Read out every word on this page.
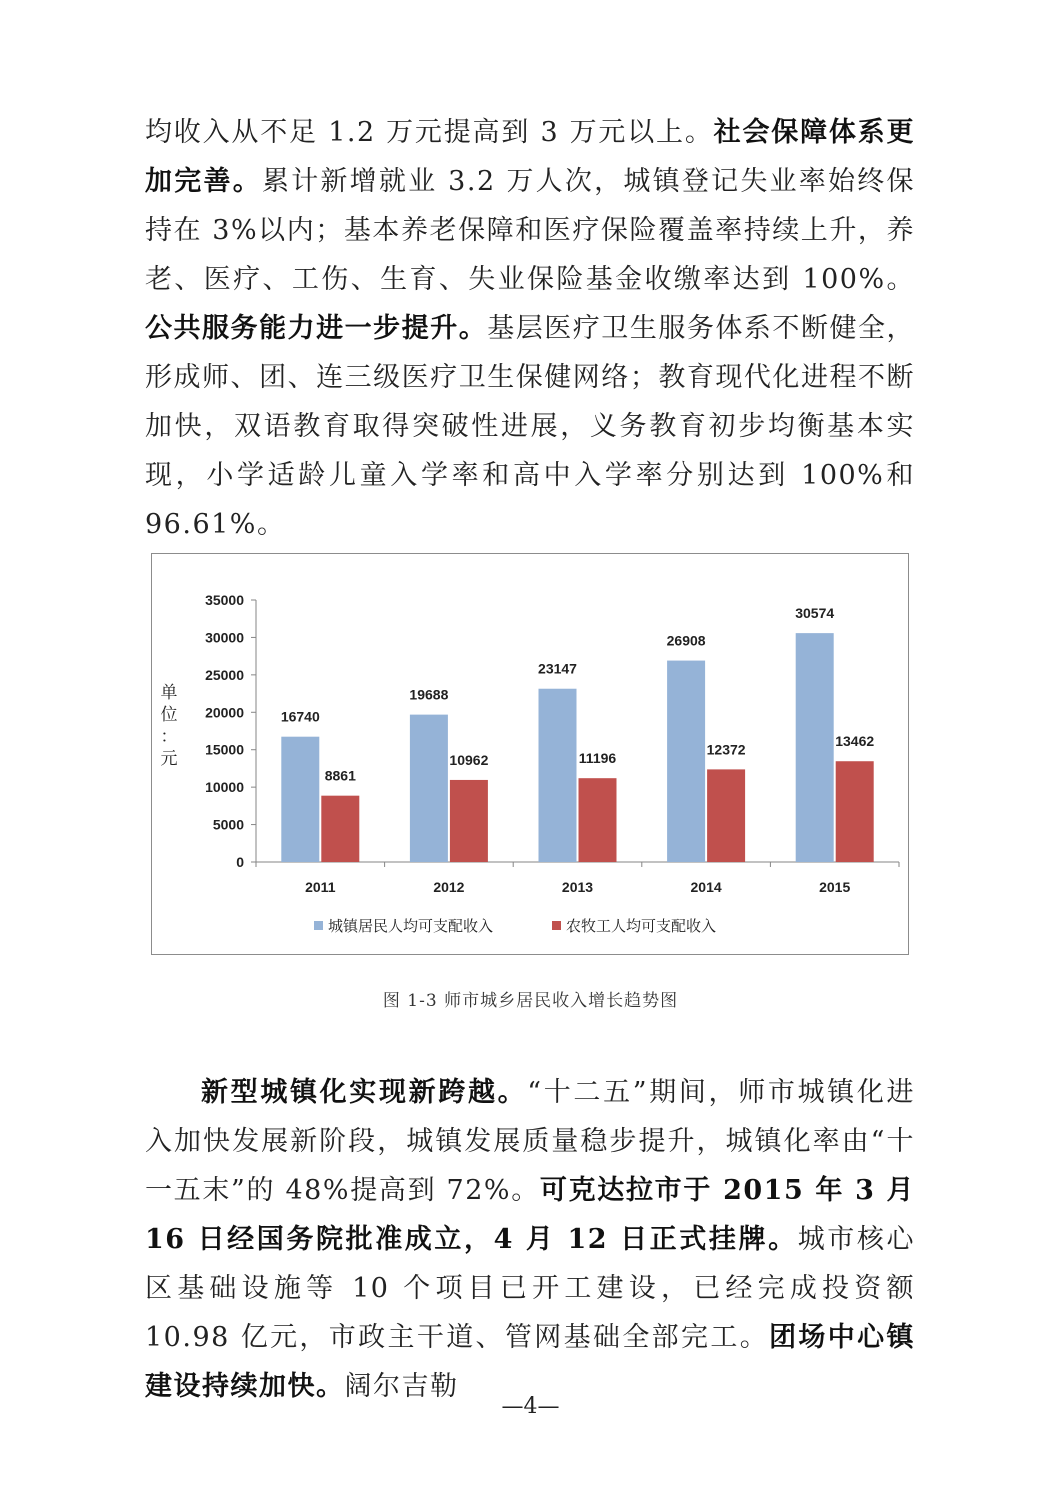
均收入从不足 1.2 万元提高到 3 万元以上。社会保障体系更加完善。累计新增就业 3.2 万人次，城镇登记失业率始终保持在 3%以内；基本养老保障和医疗保险覆盖率持续上升，养老、医疗、工伤、生育、失业保险基金收缴率达到 100%。公共服务能力进一步提升。基层医疗卫生服务体系不断健全，形成师、团、连三级医疗卫生保健网络；教育现代化进程不断加快，双语教育取得突破性进展，义务教育初步均衡基本实现，小学适龄儿童入学率和高中入学率分别达到 100%和 96.61%。

单
位
：
元
35000
30000
25000
20000
15000
10000
5000
0
2011	2012	2013	2014	2015
16740
19688
23147
26908
30574
8861
10962	11196
12372
13462
城镇居民人均可支配收入	农牧工人均可支配收入
图 1-3 师市城乡居民收入增长趋势图

新型城镇化实现新跨越。“十二五”期间，师市城镇化进入加快发展新阶段，城镇发展质量稳步提升，城镇化率由“十一五末”的 48%提高到 72%。可克达拉市于 2015 年 3 月 16 日经国务院批准成立，4 月 12 日正式挂牌。城市核心区基础设施等 10 个项目已开工建设，已经完成投资额 10.98 亿元，市政主干道、管网基础全部完工。团场中心镇建设持续加快。阔尔吉勒

—4—
